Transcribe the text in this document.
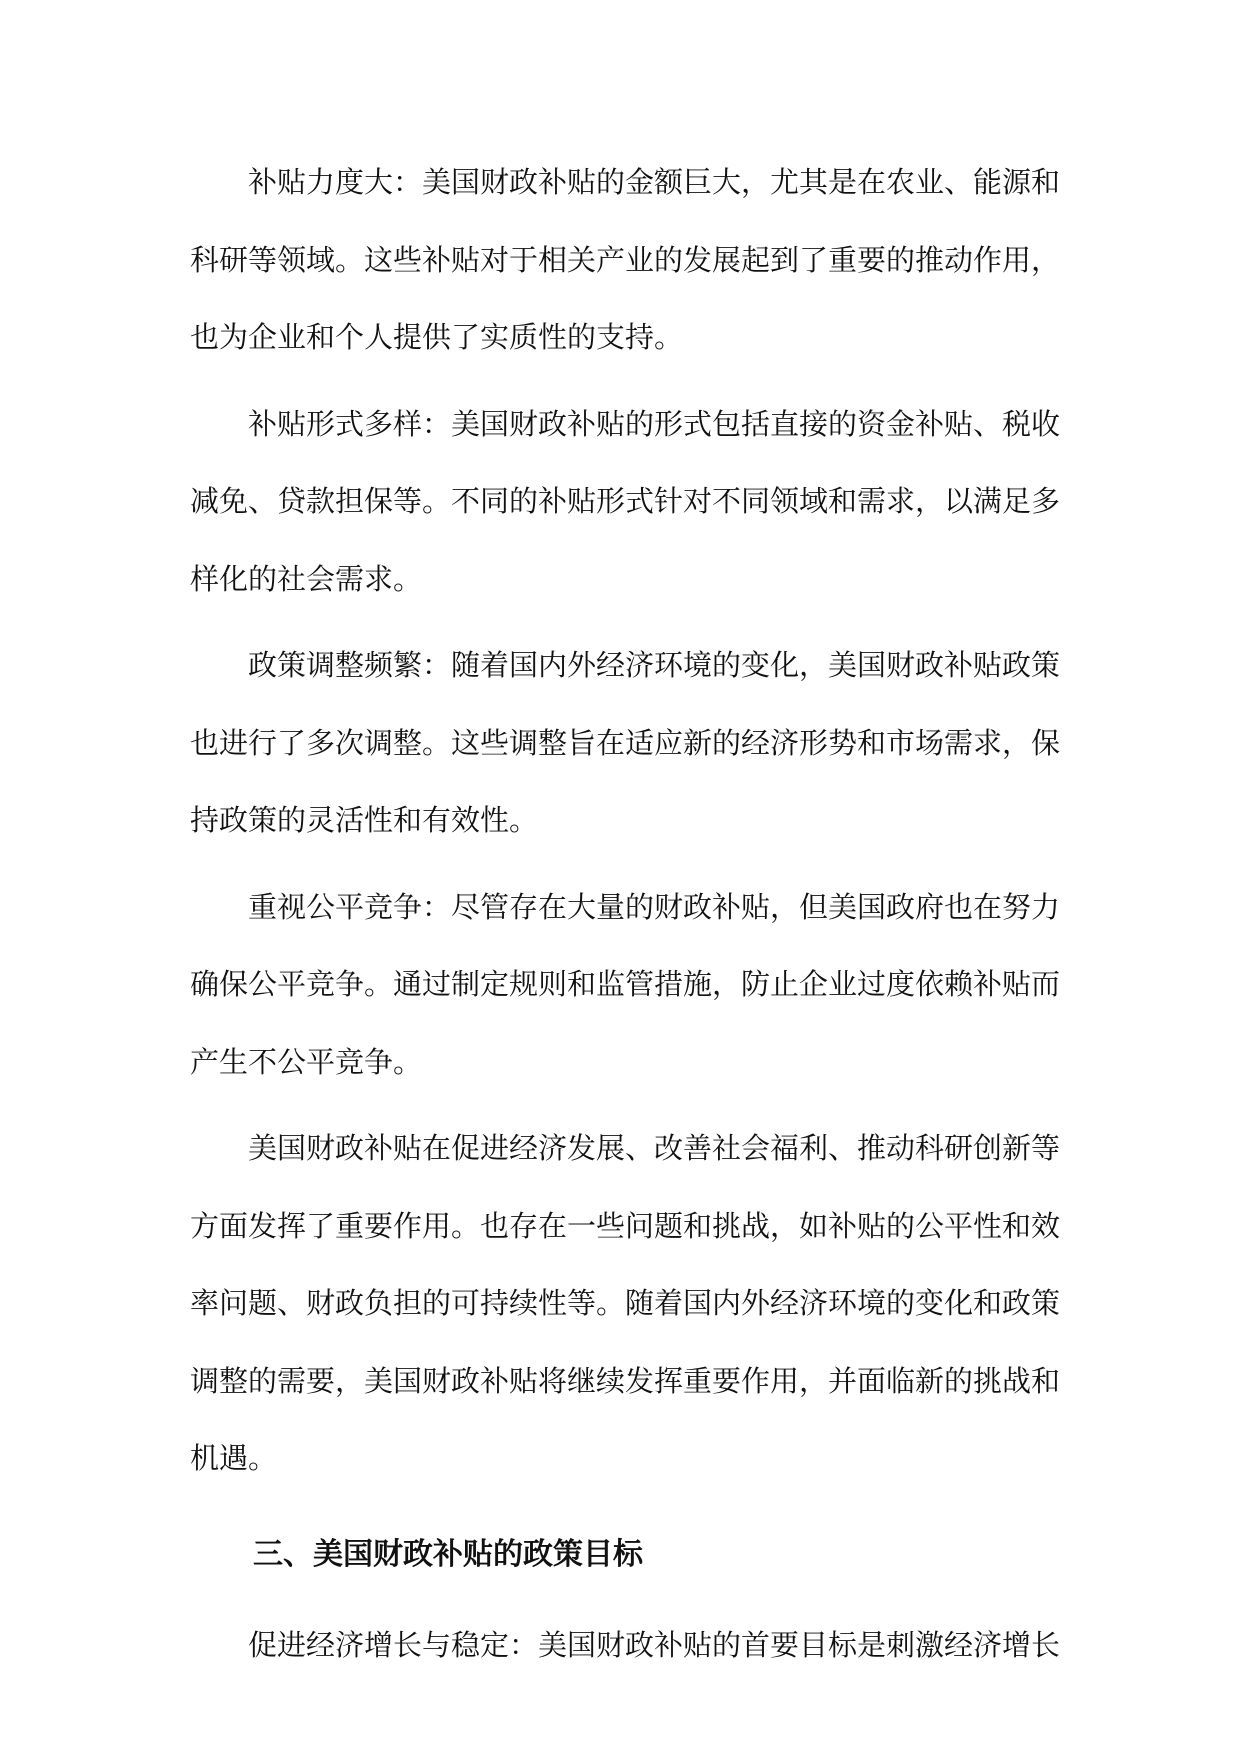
补贴力度大：美国财政补贴的金额巨大，尤其是在农业、能源和科研等领域。这些补贴对于相关产业的发展起到了重要的推动作用，也为企业和个人提供了实质性的支持。

补贴形式多样：美国财政补贴的形式包括直接的资金补贴、税收减免、贷款担保等。不同的补贴形式针对不同领域和需求，以满足多样化的社会需求。

政策调整频繁：随着国内外经济环境的变化，美国财政补贴政策也进行了多次调整。这些调整旨在适应新的经济形势和市场需求，保持政策的灵活性和有效性。

重视公平竞争：尽管存在大量的财政补贴，但美国政府也在努力确保公平竞争。通过制定规则和监管措施，防止企业过度依赖补贴而产生不公平竞争。

美国财政补贴在促进经济发展、改善社会福利、推动科研创新等方面发挥了重要作用。也存在一些问题和挑战，如补贴的公平性和效率问题、财政负担的可持续性等。随着国内外经济环境的变化和政策调整的需要，美国财政补贴将继续发挥重要作用，并面临新的挑战和机遇。

三、美国财政补贴的政策目标

促进经济增长与稳定：美国财政补贴的首要目标是刺激经济增长
